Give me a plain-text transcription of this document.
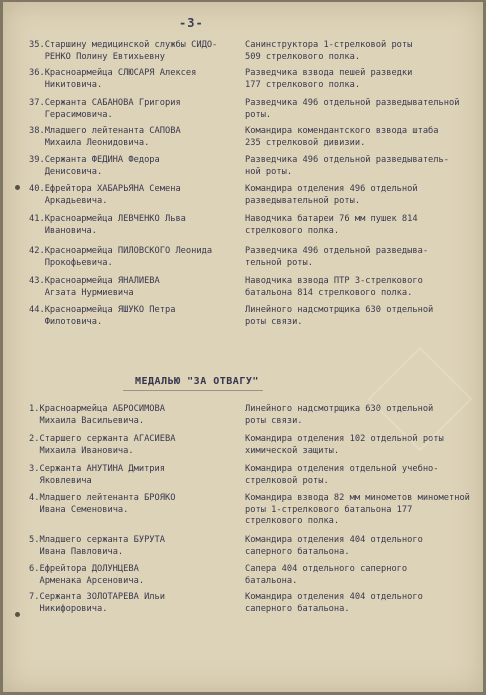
-3-
35.Старшину медицинской службы СИДО-
РЕНКО Полину Евтихьевну
Санинструктора 1-стрелковой роты
509 стрелкового полка.
36.Красноармейца СЛЮСАРЯ Алексея
Никитовича.
Разведчика взвода пешей разведки
177 стрелкового полка.
37.Сержанта САБАНОВА Григория
Герасимовича.
Разведчика 496 отдельной разведывательной
роты.
38.Младшего лейтенанта САПОВА
Михаила Леонидовича.
Командира комендантского взвода штаба
235 стрелковой дивизии.
39.Сержанта ФЕДИНА Федора
Денисовича.
Разведчика 496 отдельной разведыватель-
ной роты.
40.Ефрейтора ХАБАРЬЯНА Семена
Аркадьевича.
Командира отделения 496 отдельной
разведывательной роты.
41.Красноармейца ЛЕВЧЕНКО Льва
Ивановича.
Наводчика батареи 76 мм пушек 814
стрелкового полка.
42.Красноармейца ПИЛОВСКОГО Леонида
Прокофьевича.
Разведчика 496 отдельной разведыва-
тельной роты.
43.Красноармейца ЯНАЛИЕВА
Агзата Нурмиевича
Наводчика взвода ПТР 3-стрелкового
батальона 814 стрелкового полка.
44.Красноармейца ЯШУКО Петра
Филотовича.
Линейного надсмотрщика 630 отдельной
роты связи.
МЕДАЛЬЮ "ЗА ОТВАГУ"
1.Красноармейца АБРОСИМОВА
Михаила Васильевича.
Линейного надсмотрщика 630 отдельной
роты связи.
2.Старшего сержанта АГАСИЕВА
Михаила Ивановича.
Командира отделения 102 отдельной роты
химической защиты.
3.Сержанта АНУТИНА Дмитрия
Яковлевича
Командира отделения отдельной учебно-
стрелковой роты.
4.Младшего лейтенанта БРОЯКО
Ивана Семеновича.
Командира взвода 82 мм минометов минометной
роты 1-стрелкового батальона 177
стрелкового полка.
5.Младшего сержанта БУРУТА
Ивана Павловича.
Командира отделения 404 отдельного
саперного батальона.
6.Ефрейтора ДОЛУНЦЕВА
Арменака Арсеновича.
Сапера 404 отдельного саперного
батальона.
7.Сержанта ЗОЛОТАРЕВА Ильи
Никифоровича.
Командира отделения 404 отдельного
саперного батальона.
